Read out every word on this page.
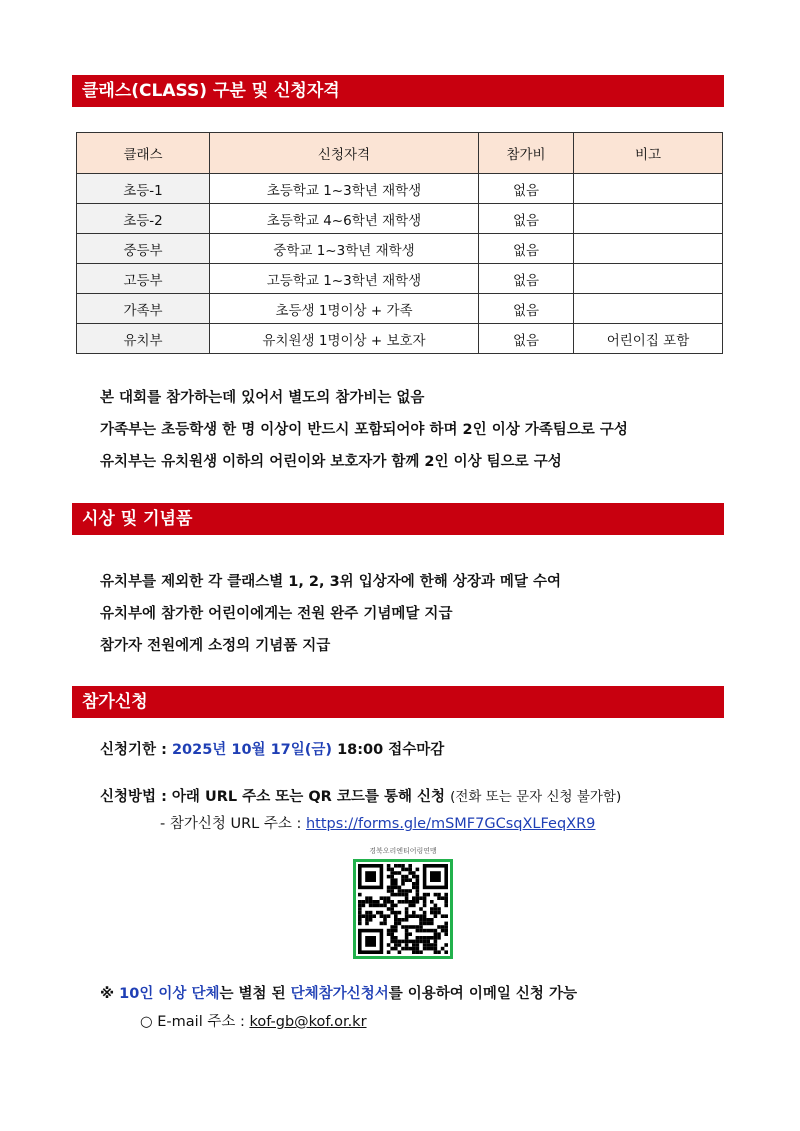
클래스(CLASS) 구분 및 신청자격
클래스	신청자격	참가비	비고
초등-1	초등학교 1~3학년 재학생	없음	
초등-2	초등학교 4~6학년 재학생	없음	
중등부	중학교 1~3학년 재학생	없음	
고등부	고등학교 1~3학년 재학생	없음	
가족부	초등생 1명이상 + 가족	없음	
유치부	유치원생 1명이상 + 보호자	없음	어린이집 포함
본 대회를 참가하는데 있어서 별도의 참가비는 없음
가족부는 초등학생 한 명 이상이 반드시 포함되어야 하며 2인 이상 가족팀으로 구성
유치부는 유치원생 이하의 어린이와 보호자가 함께 2인 이상 팀으로 구성
시상 및 기념품
유치부를 제외한 각 클래스별 1, 2, 3위 입상자에 한해 상장과 메달 수여
유치부에 참가한 어린이에게는 전원 완주 기념메달 지급
참가자 전원에게 소정의 기념품 지급
참가신청
신청기한 : 2025년 10월 17일(금) 18:00 접수마감
신청방법 : 아래 URL 주소 또는 QR 코드를 통해 신청 (전화 또는 문자 신청 불가함)
- 참가신청 URL 주소 : https://forms.gle/mSMF7GCsqXLFeqXR9
경북오리엔티어링연맹
※ 10인 이상 단체는 별첨 된 단체참가신청서를 이용하여 이메일 신청 가능
○ E-mail 주소 : kof-gb@kof.or.kr
